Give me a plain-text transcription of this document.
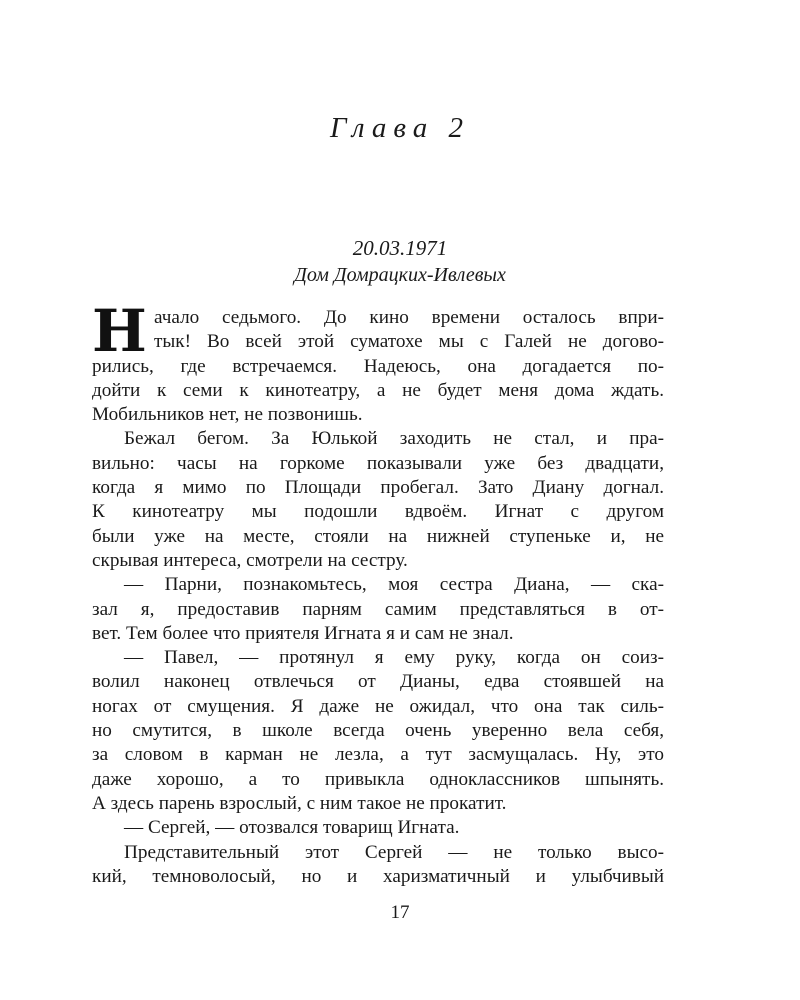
Глава 2

20.03.1971

Дом Домрацких-Ивлевых

Н ачало седьмого. До кино времени осталось впри-
тык! Во всей этой суматохе мы с Галей не догово-
рились, где встречаемся. Надеюсь, она догадается по-
дойти к семи к кинотеатру, а не будет меня дома ждать.
Мобильников нет, не позвонишь.
Бежал бегом. За Юлькой заходить не стал, и пра-
вильно: часы на горкоме показывали уже без двадцати,
когда я мимо по Площади пробегал. Зато Диану догнал.
К кинотеатру мы подошли вдвоём. Игнат с другом
были уже на месте, стояли на нижней ступеньке и, не
скрывая интереса, смотрели на сестру.
— Парни, познакомьтесь, моя сестра Диана, — ска-
зал я, предоставив парням самим представляться в от-
вет. Тем более что приятеля Игната я и сам не знал.
— Павел, — протянул я ему руку, когда он соиз-
волил наконец отвлечься от Дианы, едва стоявшей на
ногах от смущения. Я даже не ожидал, что она так силь-
но смутится, в школе всегда очень уверенно вела себя,
за словом в карман не лезла, а тут засмущалась. Ну, это
даже хорошо, а то привыкла одноклассников шпынять.
А здесь парень взрослый, с ним такое не прокатит.
— Сергей, — отозвался товарищ Игната.
Представительный этот Сергей — не только высо-
кий, темноволосый, но и харизматичный и улыбчивый

17
